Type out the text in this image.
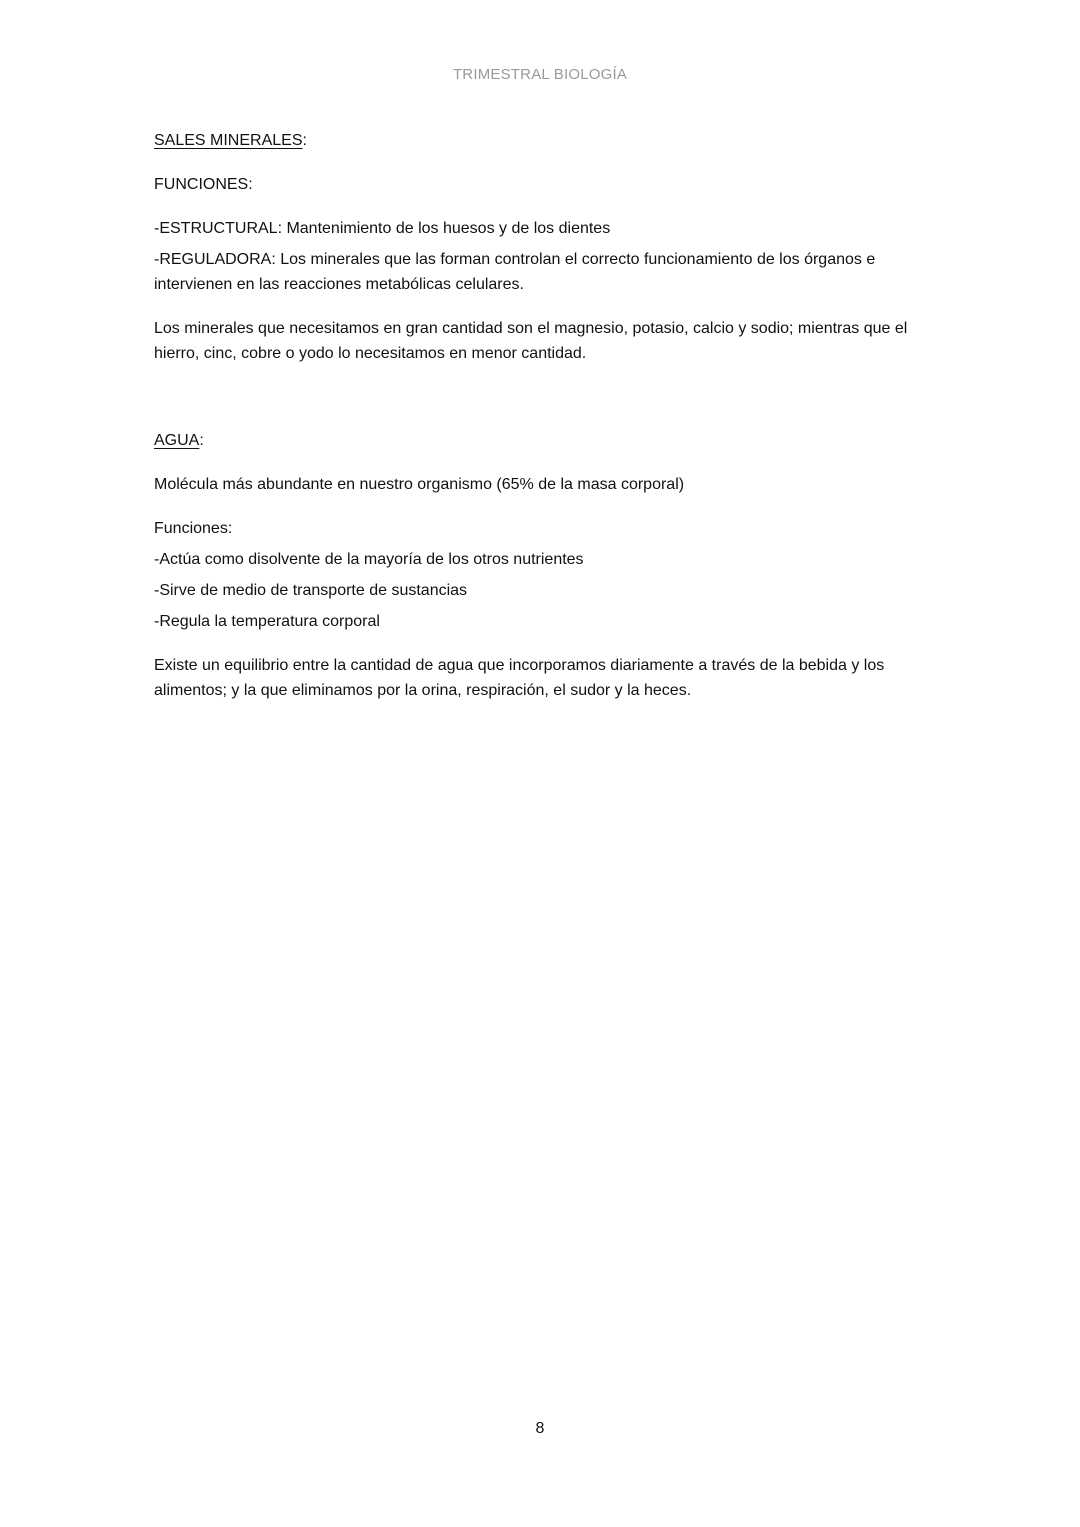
TRIMESTRAL BIOLOGÍA

SALES MINERALES:

FUNCIONES:

-ESTRUCTURAL: Mantenimiento de los huesos y de los dientes

-REGULADORA: Los minerales que las forman controlan el correcto funcionamiento de los órganos e intervienen en las reacciones metabólicas celulares.

Los minerales que necesitamos en gran cantidad son el magnesio, potasio, calcio y sodio; mientras que el hierro, cinc, cobre o yodo lo necesitamos en menor cantidad.

AGUA:

Molécula más abundante en nuestro organismo (65% de la masa corporal)

Funciones:

-Actúa como disolvente de la mayoría de los otros nutrientes

-Sirve de medio de transporte de sustancias

-Regula la temperatura corporal

Existe un equilibrio entre la cantidad de agua que incorporamos diariamente a través de la bebida y los alimentos; y la que eliminamos por la orina, respiración, el sudor y la heces.

8
